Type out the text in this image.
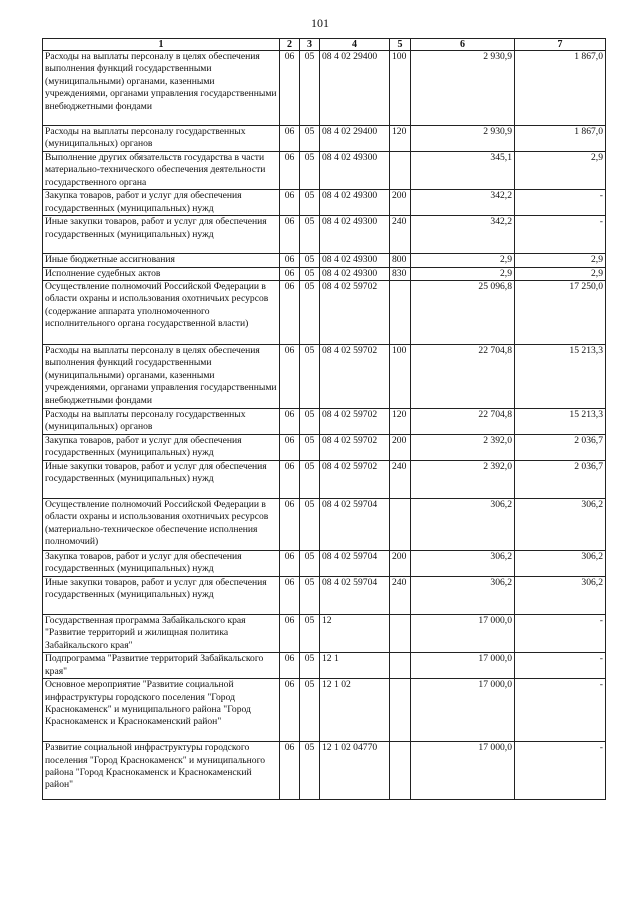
101
1	2	3	4	5	6	7
Расходы на выплаты персоналу в целях обеспечения выполнения функций государственными (муниципальными) органами, казенными учреждениями, органами управления государственными внебюджетными фондами	06	05	08 4 02 29400	100	2 930,9	1 867,0
Расходы на выплаты персоналу государственных (муниципальных) органов	06	05	08 4 02 29400	120	2 930,9	1 867,0
Выполнение других обязательств государства в части материально-технического обеспечения деятельности государственного органа	06	05	08 4 02 49300		345,1	2,9
Закупка товаров, работ и услуг для обеспечения государственных (муниципальных) нужд	06	05	08 4 02 49300	200	342,2	-
Иные закупки товаров, работ и услуг для обеспечения государственных (муниципальных) нужд	06	05	08 4 02 49300	240	342,2	-
Иные бюджетные ассигнования	06	05	08 4 02 49300	800	2,9	2,9
Исполнение судебных актов	06	05	08 4 02 49300	830	2,9	2,9
Осуществление полномочий Российской Федерации в области охраны и использования охотничьих ресурсов (содержание аппарата уполномоченного исполнительного органа государственной власти)	06	05	08 4 02 59702		25 096,8	17 250,0
Расходы на выплаты персоналу в целях обеспечения выполнения функций государственными (муниципальными) органами, казенными учреждениями, органами управления государственными внебюджетными фондами	06	05	08 4 02 59702	100	22 704,8	15 213,3
Расходы на выплаты персоналу государственных (муниципальных) органов	06	05	08 4 02 59702	120	22 704,8	15 213,3
Закупка товаров, работ и услуг для обеспечения государственных (муниципальных) нужд	06	05	08 4 02 59702	200	2 392,0	2 036,7
Иные закупки товаров, работ и услуг для обеспечения государственных (муниципальных) нужд	06	05	08 4 02 59702	240	2 392,0	2 036,7
Осуществление полномочий Российской Федерации в области охраны и использования охотничьих ресурсов (материально-техническое обеспечение исполнения полномочий)	06	05	08 4 02 59704		306,2	306,2
Закупка товаров, работ и услуг для обеспечения государственных (муниципальных) нужд	06	05	08 4 02 59704	200	306,2	306,2
Иные закупки товаров, работ и услуг для обеспечения государственных (муниципальных) нужд	06	05	08 4 02 59704	240	306,2	306,2
Государственная программа Забайкальского края "Развитие территорий и жилищная политика Забайкальского края"	06	05	12		17 000,0	-
Подпрограмма "Развитие территорий Забайкальского края"	06	05	12 1		17 000,0	-
Основное мероприятие "Развитие социальной инфраструктуры городского поселения "Город Краснокаменск" и муниципального района "Город Краснокаменск и Краснокаменский район"	06	05	12 1 02		17 000,0	-
Развитие социальной инфраструктуры городского поселения "Город Краснокаменск" и муниципального района "Город Краснокаменск и Краснокаменский район"	06	05	12 1 02 04770		17 000,0	-
